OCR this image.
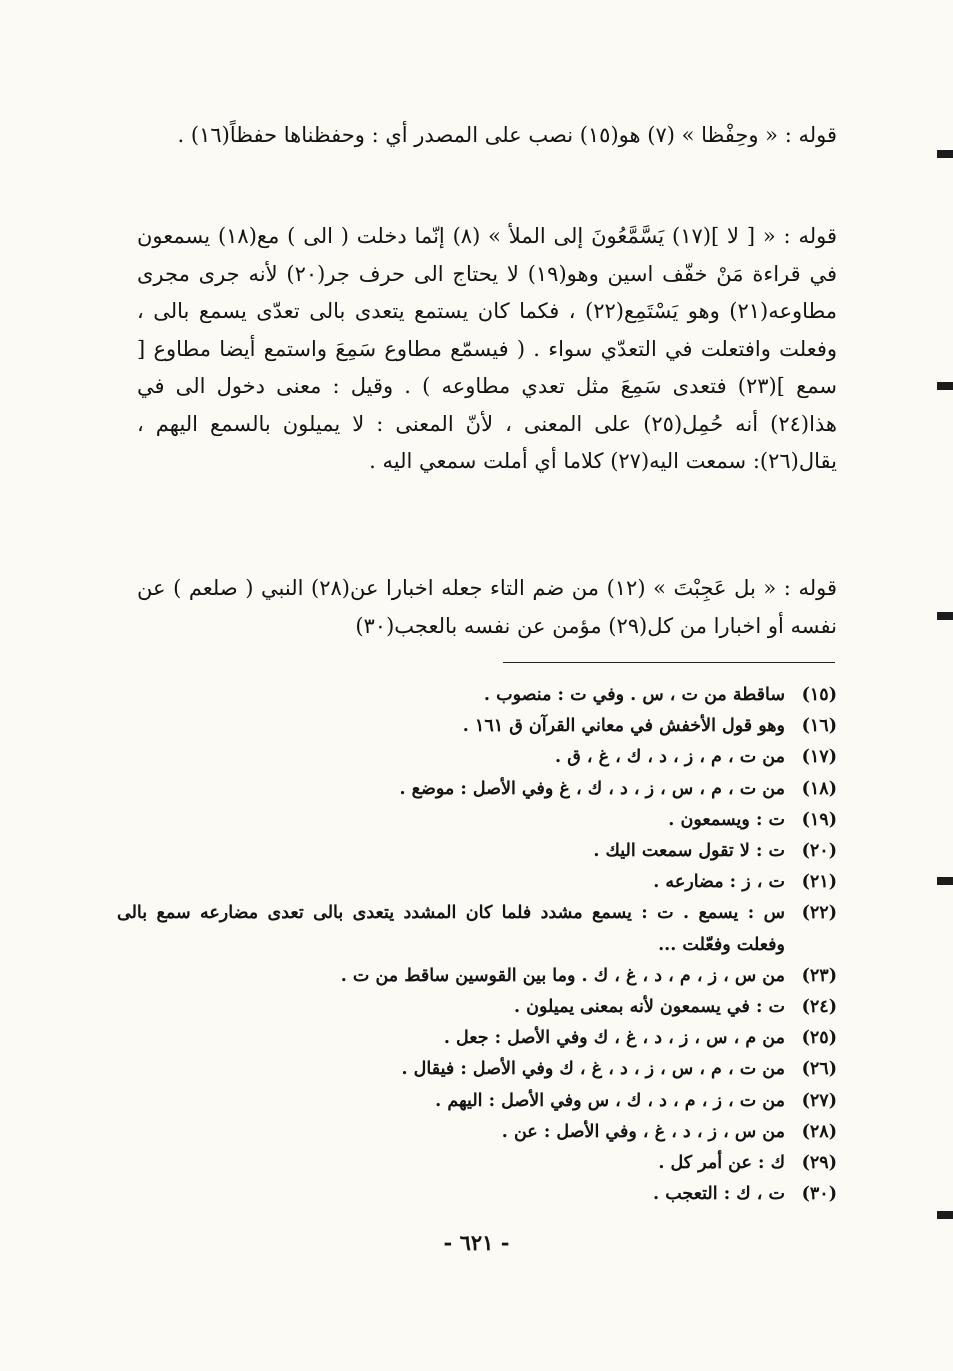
قوله : « وحِفْظا » (٧) هو(١٥) نصب على المصدر أي : وحفظناها حفظاً(١٦) .

قوله : « [ لا ](١٧) يَسَّمَّعُونَ إلى الملأ » (٨) إنّما دخلت ( الى ) مع(١٨) يسمعون في قراءة مَنْ خفّف اسين وهو(١٩) لا يحتاج الى حرف جر(٢٠) لأنه جرى مجرى مطاوعه(٢١) وهو يَسْتَمِع(٢٢) ، فكما كان يستمع يتعدى بالى تعدّى يسمع بالى ، وفعلت وافتعلت في التعدّي سواء . ( فيسمّع مطاوع سَمِعَ واستمع أيضا مطاوع [ سمع ](٢٣) فتعدى سَمِعَ مثل تعدي مطاوعه ) . وقيل : معنى دخول الى في هذا(٢٤) أنه حُمِل(٢٥) على المعنى ، لأنّ المعنى : لا يميلون بالسمع اليهم ، يقال(٢٦): سمعت اليه(٢٧) كلاما أي أملت سمعي اليه .

قوله : « بل عَجِبْتَ » (١٢) من ضم التاء جعله اخبارا عن(٢٨) النبي ( صلعم ) عن نفسه أو اخبارا من كل(٢٩) مؤمن عن نفسه بالعجب(٣٠)

(١٥)
ساقطة من ت ، س . وفي ت : منصوب .
(١٦)
وهو قول الأخفش في معاني القرآن ق ١٦١ .
(١٧)
من ت ، م ، ز ، د ، ك ، غ ، ق .
(١٨)
من ت ، م ، س ، ز ، د ، ك ، غ وفي الأصل : موضع .
(١٩)
ت : ويسمعون .
(٢٠)
ت : لا تقول سمعت اليك .
(٢١)
ت ، ز : مضارعه .
(٢٢)
س : يسمع . ت : يسمع مشدد فلما كان المشدد يتعدى بالى تعدى مضارعه سمع بالى وفعلت وفعّلت ...
(٢٣)
من س ، ز ، م ، د ، غ ، ك . وما بين القوسين ساقط من ت .
(٢٤)
ت : في يسمعون لأنه بمعنى يميلون .
(٢٥)
من م ، س ، ز ، د ، غ ، ك وفي الأصل : جعل .
(٢٦)
من ت ، م ، س ، ز ، د ، غ ، ك وفي الأصل : فيقال .
(٢٧)
من ت ، ز ، م ، د ، ك ، س وفي الأصل : اليهم .
(٢٨)
من س ، ز ، د ، غ ، وفي الأصل : عن .
(٢٩)
ك : عن أمر كل .
(٣٠)
ت ، ك : التعجب .
- ٦٢١ -
